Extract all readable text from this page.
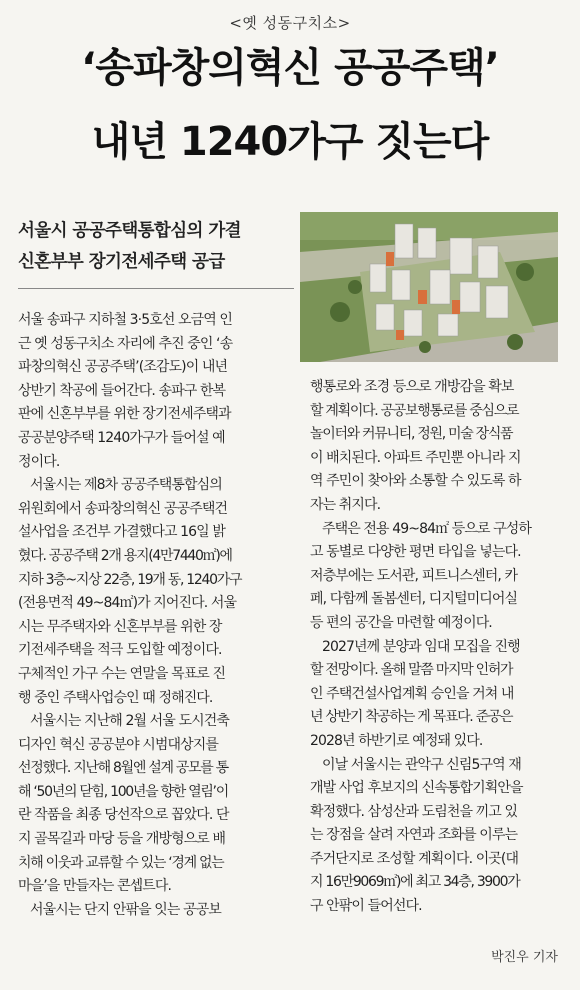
<옛 성동구치소>
‘송파창의혁신 공공주택’
내년 1240가구 짓는다
서울시 공공주택통합심의 가결
신혼부부 장기전세주택 공급

서울 송파구 지하철 3·5호선 오금역 인

근 옛 성동구치소 자리에 추진 중인 ‘송

파창의혁신 공공주택’(조감도)이 내년

상반기 착공에 들어간다. 송파구 한복

판에 신혼부부를 위한 장기전세주택과

공공분양주택 1240가구가 들어설 예

정이다.

서울시는 제8차 공공주택통합심의

위원회에서 송파창의혁신 공공주택건

설사업을 조건부 가결했다고 16일 밝

혔다. 공공주택 2개 용지(4만7440㎡)에

지하 3층~지상 22층, 19개 동, 1240가구

(전용면적 49~84㎡)가 지어진다. 서울

시는 무주택자와 신혼부부를 위한 장

기전세주택을 적극 도입할 예정이다.

구체적인 가구 수는 연말을 목표로 진

행 중인 주택사업승인 때 정해진다.

서울시는 지난해 2월 서울 도시건축

디자인 혁신 공공분야 시범대상지를

선정했다. 지난해 8월엔 설계 공모를 통

해 ‘50년의 닫힘, 100년을 향한 열림’이

란 작품을 최종 당선작으로 꼽았다. 단

지 골목길과 마당 등을 개방형으로 배

치해 이웃과 교류할 수 있는 ‘경계 없는

마을’을 만들자는 콘셉트다.

서울시는 단지 안팎을 잇는 공공보

행통로와 조경 등으로 개방감을 확보

할 계획이다. 공공보행통로를 중심으로

놀이터와 커뮤니티, 정원, 미술 장식품

이 배치된다. 아파트 주민뿐 아니라 지

역 주민이 찾아와 소통할 수 있도록 하

자는 취지다.

주택은 전용 49~84㎡ 등으로 구성하

고 동별로 다양한 평면 타입을 넣는다.

저층부에는 도서관, 피트니스센터, 카

페, 다함께 돌봄센터, 디지털미디어실

등 편의 공간을 마련할 예정이다.

2027년께 분양과 임대 모집을 진행

할 전망이다. 올해 말쯤 마지막 인허가

인 주택건설사업계획 승인을 거쳐 내

년 상반기 착공하는 게 목표다. 준공은

2028년 하반기로 예정돼 있다.

이날 서울시는 관악구 신림5구역 재

개발 사업 후보지의 신속통합기획안을

확정했다. 삼성산과 도림천을 끼고 있

는 장점을 살려 자연과 조화를 이루는

주거단지로 조성할 계획이다. 이곳(대

지 16만9069㎡)에 최고 34층, 3900가

구 안팎이 들어선다.

박진우 기자
